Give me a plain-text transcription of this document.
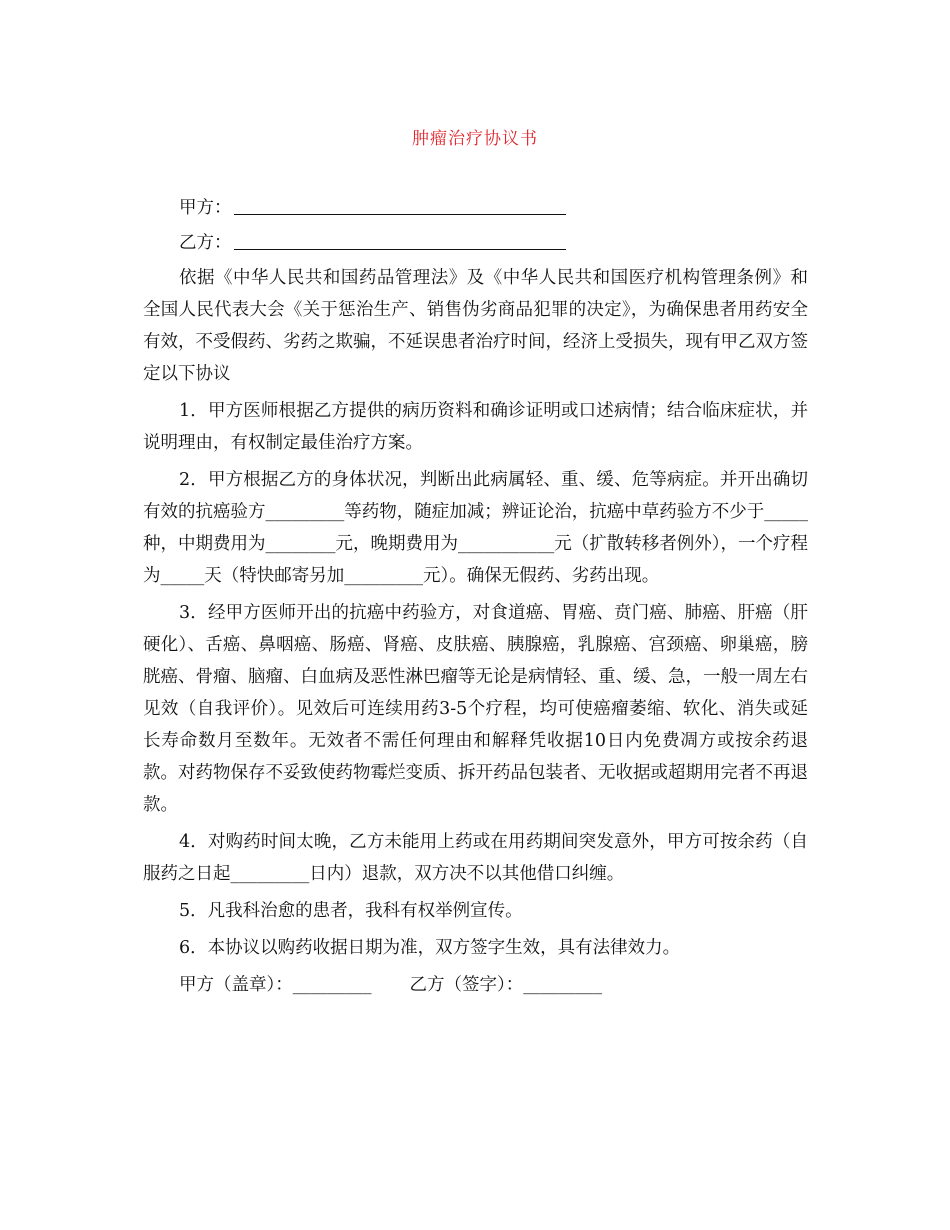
肿瘤治疗协议书
甲方：
乙方：

依据《中华人民共和国药品管理法》及《中华人民共和国医疗机构管理条例》和全国人民代表大会《关于惩治生产、销售伪劣商品犯罪的决定》，为确保患者用药安全有效，不受假药、劣药之欺骗，不延误患者治疗时间，经济上受损失，现有甲乙双方签定以下协议

1．甲方医师根据乙方提供的病历资料和确诊证明或口述病情；结合临床症状，并说明理由，有权制定最佳治疗方案。

2．甲方根据乙方的身体状况，判断出此病属轻、重、缓、危等病症。并开出确切有效的抗癌验方_________等药物，随症加减；辨证论治，抗癌中草药验方不少于_____种，中期费用为________元，晚期费用为___________元（扩散转移者例外），一个疗程为_____天（特快邮寄另加_________元）。确保无假药、劣药出现。

3．经甲方医师开出的抗癌中药验方，对食道癌、胃癌、贲门癌、肺癌、肝癌（肝硬化）、舌癌、鼻咽癌、肠癌、肾癌、皮肤癌、胰腺癌，乳腺癌、宫颈癌、卵巢癌，膀胱癌、骨瘤、脑瘤、白血病及恶性淋巴瘤等无论是病情轻、重、缓、急，一般一周左右见效（自我评价）。见效后可连续用药3-5个疗程，均可使癌瘤萎缩、软化、消失或延长寿命数月至数年。无效者不需任何理由和解释凭收据10日内免费凋方或按余药退款。对药物保存不妥致使药物霉烂变质、拆开药品包装者、无收据或超期用完者不再退款。

4．对购药时间太晚，乙方未能用上药或在用药期间突发意外，甲方可按余药（自服药之日起_________日内）退款，双方决不以其他借口纠缠。

5．凡我科治愈的患者，我科有权举例宣传。

6．本协议以购药收据日期为准，双方签字生效，具有法律效力。

甲方（盖章）：_________ 乙方（签字）：_________
